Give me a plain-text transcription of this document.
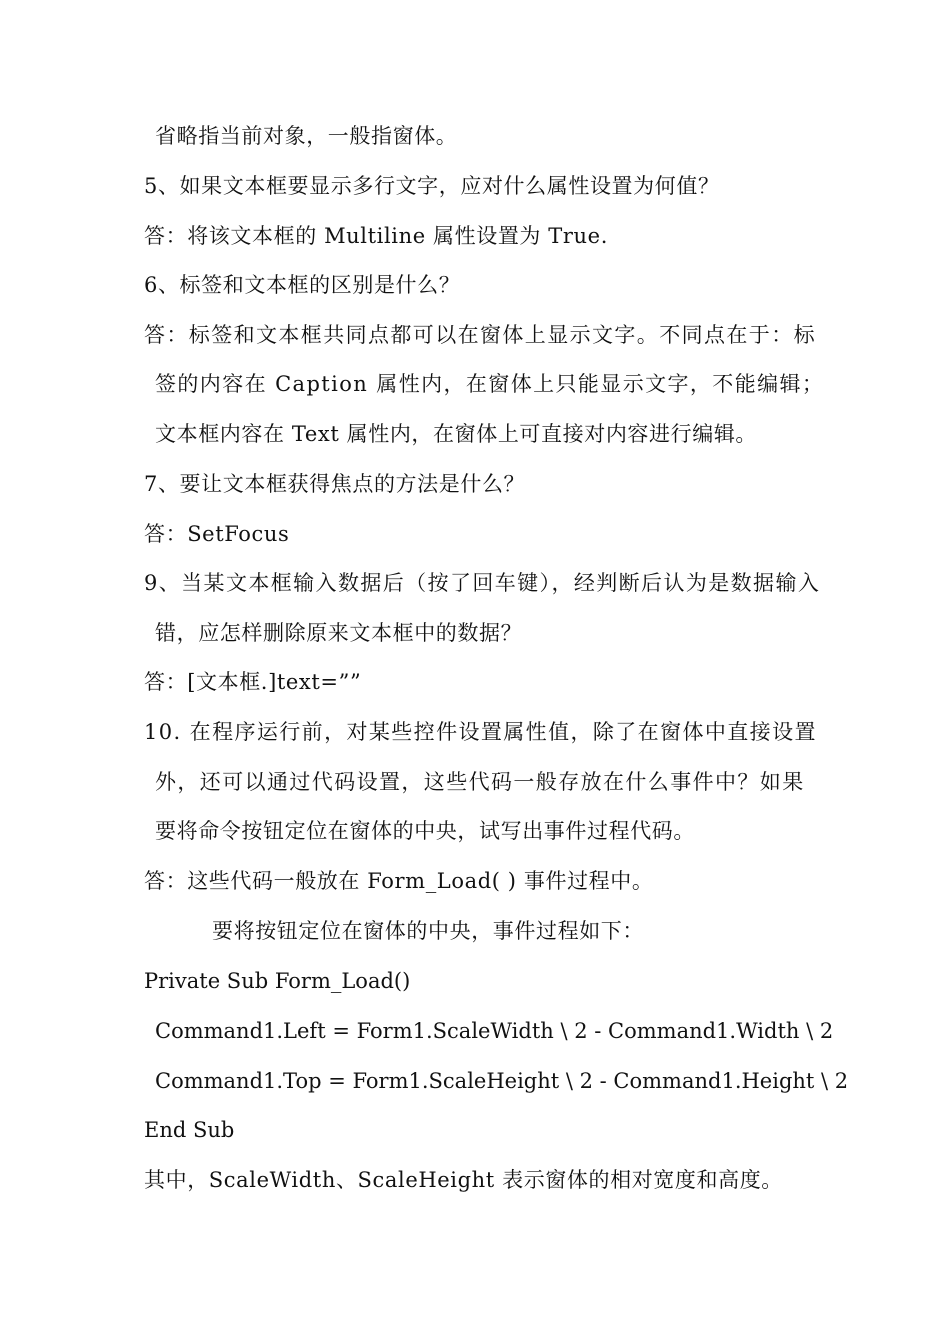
省略指当前对象，一般指窗体。
5、如果文本框要显示多行文字，应对什么属性设置为何值？
答：将该文本框的 Multiline 属性设置为 True.
6、标签和文本框的区别是什么？
答：标签和文本框共同点都可以在窗体上显示文字。不同点在于：标
签的内容在 Caption 属性内，在窗体上只能显示文字，不能编辑；
文本框内容在 Text 属性内，在窗体上可直接对内容进行编辑。
7、要让文本框获得焦点的方法是什么？
答：SetFocus
9、当某文本框输入数据后（按了回车键），经判断后认为是数据输入
错，应怎样删除原来文本框中的数据？
答：[文本框.]text=””
10. 在程序运行前，对某些控件设置属性值，除了在窗体中直接设置
外，还可以通过代码设置，这些代码一般存放在什么事件中？如果
要将命令按钮定位在窗体的中央，试写出事件过程代码。
答：这些代码一般放在 Form_Load( ) 事件过程中。
要将按钮定位在窗体的中央，事件过程如下：
Private Sub Form_Load()
Command1.Left = Form1.ScaleWidth \ 2 - Command1.Width \ 2
Command1.Top = Form1.ScaleHeight \ 2 - Command1.Height \ 2
End Sub
其中，ScaleWidth、ScaleHeight 表示窗体的相对宽度和高度。
